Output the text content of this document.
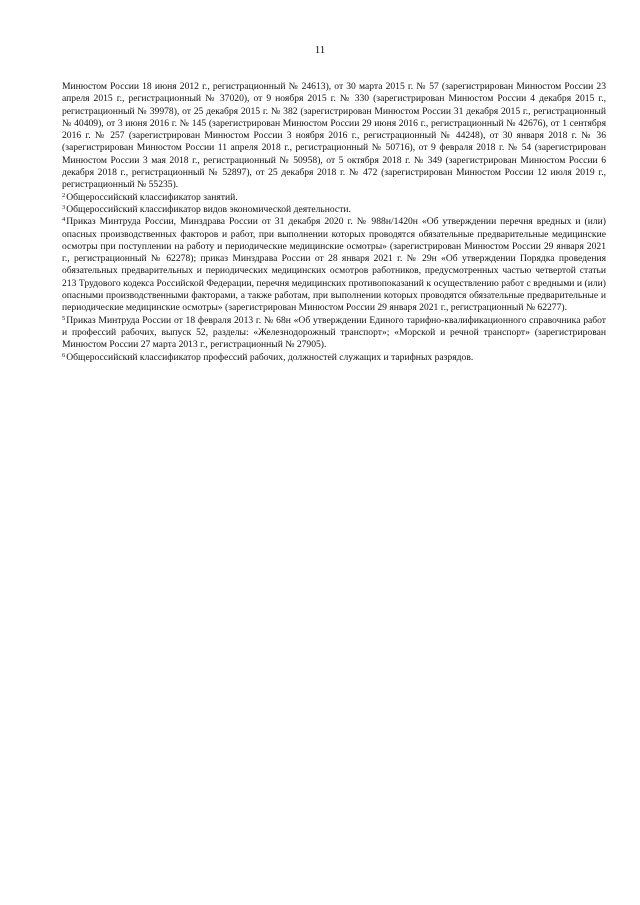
11

Минюстом России 18 июня 2012 г., регистрационный № 24613), от 30 марта 2015 г. № 57 (зарегистрирован Минюстом России 23 апреля 2015 г., регистрационный № 37020), от 9 ноября 2015 г. № 330 (зарегистрирован Минюстом России 4 декабря 2015 г., регистрационный № 39978), от 25 декабря 2015 г. № 382 (зарегистрирован Минюстом России 31 декабря 2015 г., регистрационный № 40409), от 3 июня 2016 г. № 145 (зарегистрирован Минюстом России 29 июня 2016 г., регистрационный № 42676), от 1 сентября 2016 г. № 257 (зарегистрирован Минюстом России 3 ноября 2016 г., регистрационный № 44248), от 30 января 2018 г. № 36 (зарегистрирован Минюстом России 11 апреля 2018 г., регистрационный № 50716), от 9 февраля 2018 г. № 54 (зарегистрирован Минюстом России 3 мая 2018 г., регистрационный № 50958), от 5 октября 2018 г. № 349 (зарегистрирован Минюстом России 6 декабря 2018 г., регистрационный № 52897), от 25 декабря 2018 г. № 472 (зарегистрирован Минюстом России 12 июля 2019 г., регистрационный № 55235).

$^2$Общероссийский классификатор занятий.

$^3$Общероссийский классификатор видов экономической деятельности.

$^4$Приказ Минтруда России, Минздрава России от 31 декабря 2020 г. № 988н/1420н «Об утверждении перечня вредных и (или) опасных производственных факторов и работ, при выполнении которых проводятся обязательные предварительные медицинские осмотры при поступлении на работу и периодические медицинские осмотры» (зарегистрирован Минюстом России 29 января 2021 г., регистрационный № 62278); приказ Минздрава России от 28 января 2021 г. № 29н «Об утверждении Порядка проведения обязательных предварительных и периодических медицинских осмотров работников, предусмотренных частью четвертой статьи 213 Трудового кодекса Российской Федерации, перечня медицинских противопоказаний к осуществлению работ с вредными и (или) опасными производственными факторами, а также работам, при выполнении которых проводятся обязательные предварительные и периодические медицинские осмотры» (зарегистрирован Минюстом России 29 января 2021 г., регистрационный № 62277).

$^5$Приказ Минтруда России от 18 февраля 2013 г. № 68н «Об утверждении Единого тарифно-квалификационного справочника работ и профессий рабочих, выпуск 52, разделы: «Железнодорожный транспорт»; «Морской и речной транспорт» (зарегистрирован Минюстом России 27 марта 2013 г., регистрационный № 27905).

$^6$Общероссийский классификатор профессий рабочих, должностей служащих и тарифных разрядов.
